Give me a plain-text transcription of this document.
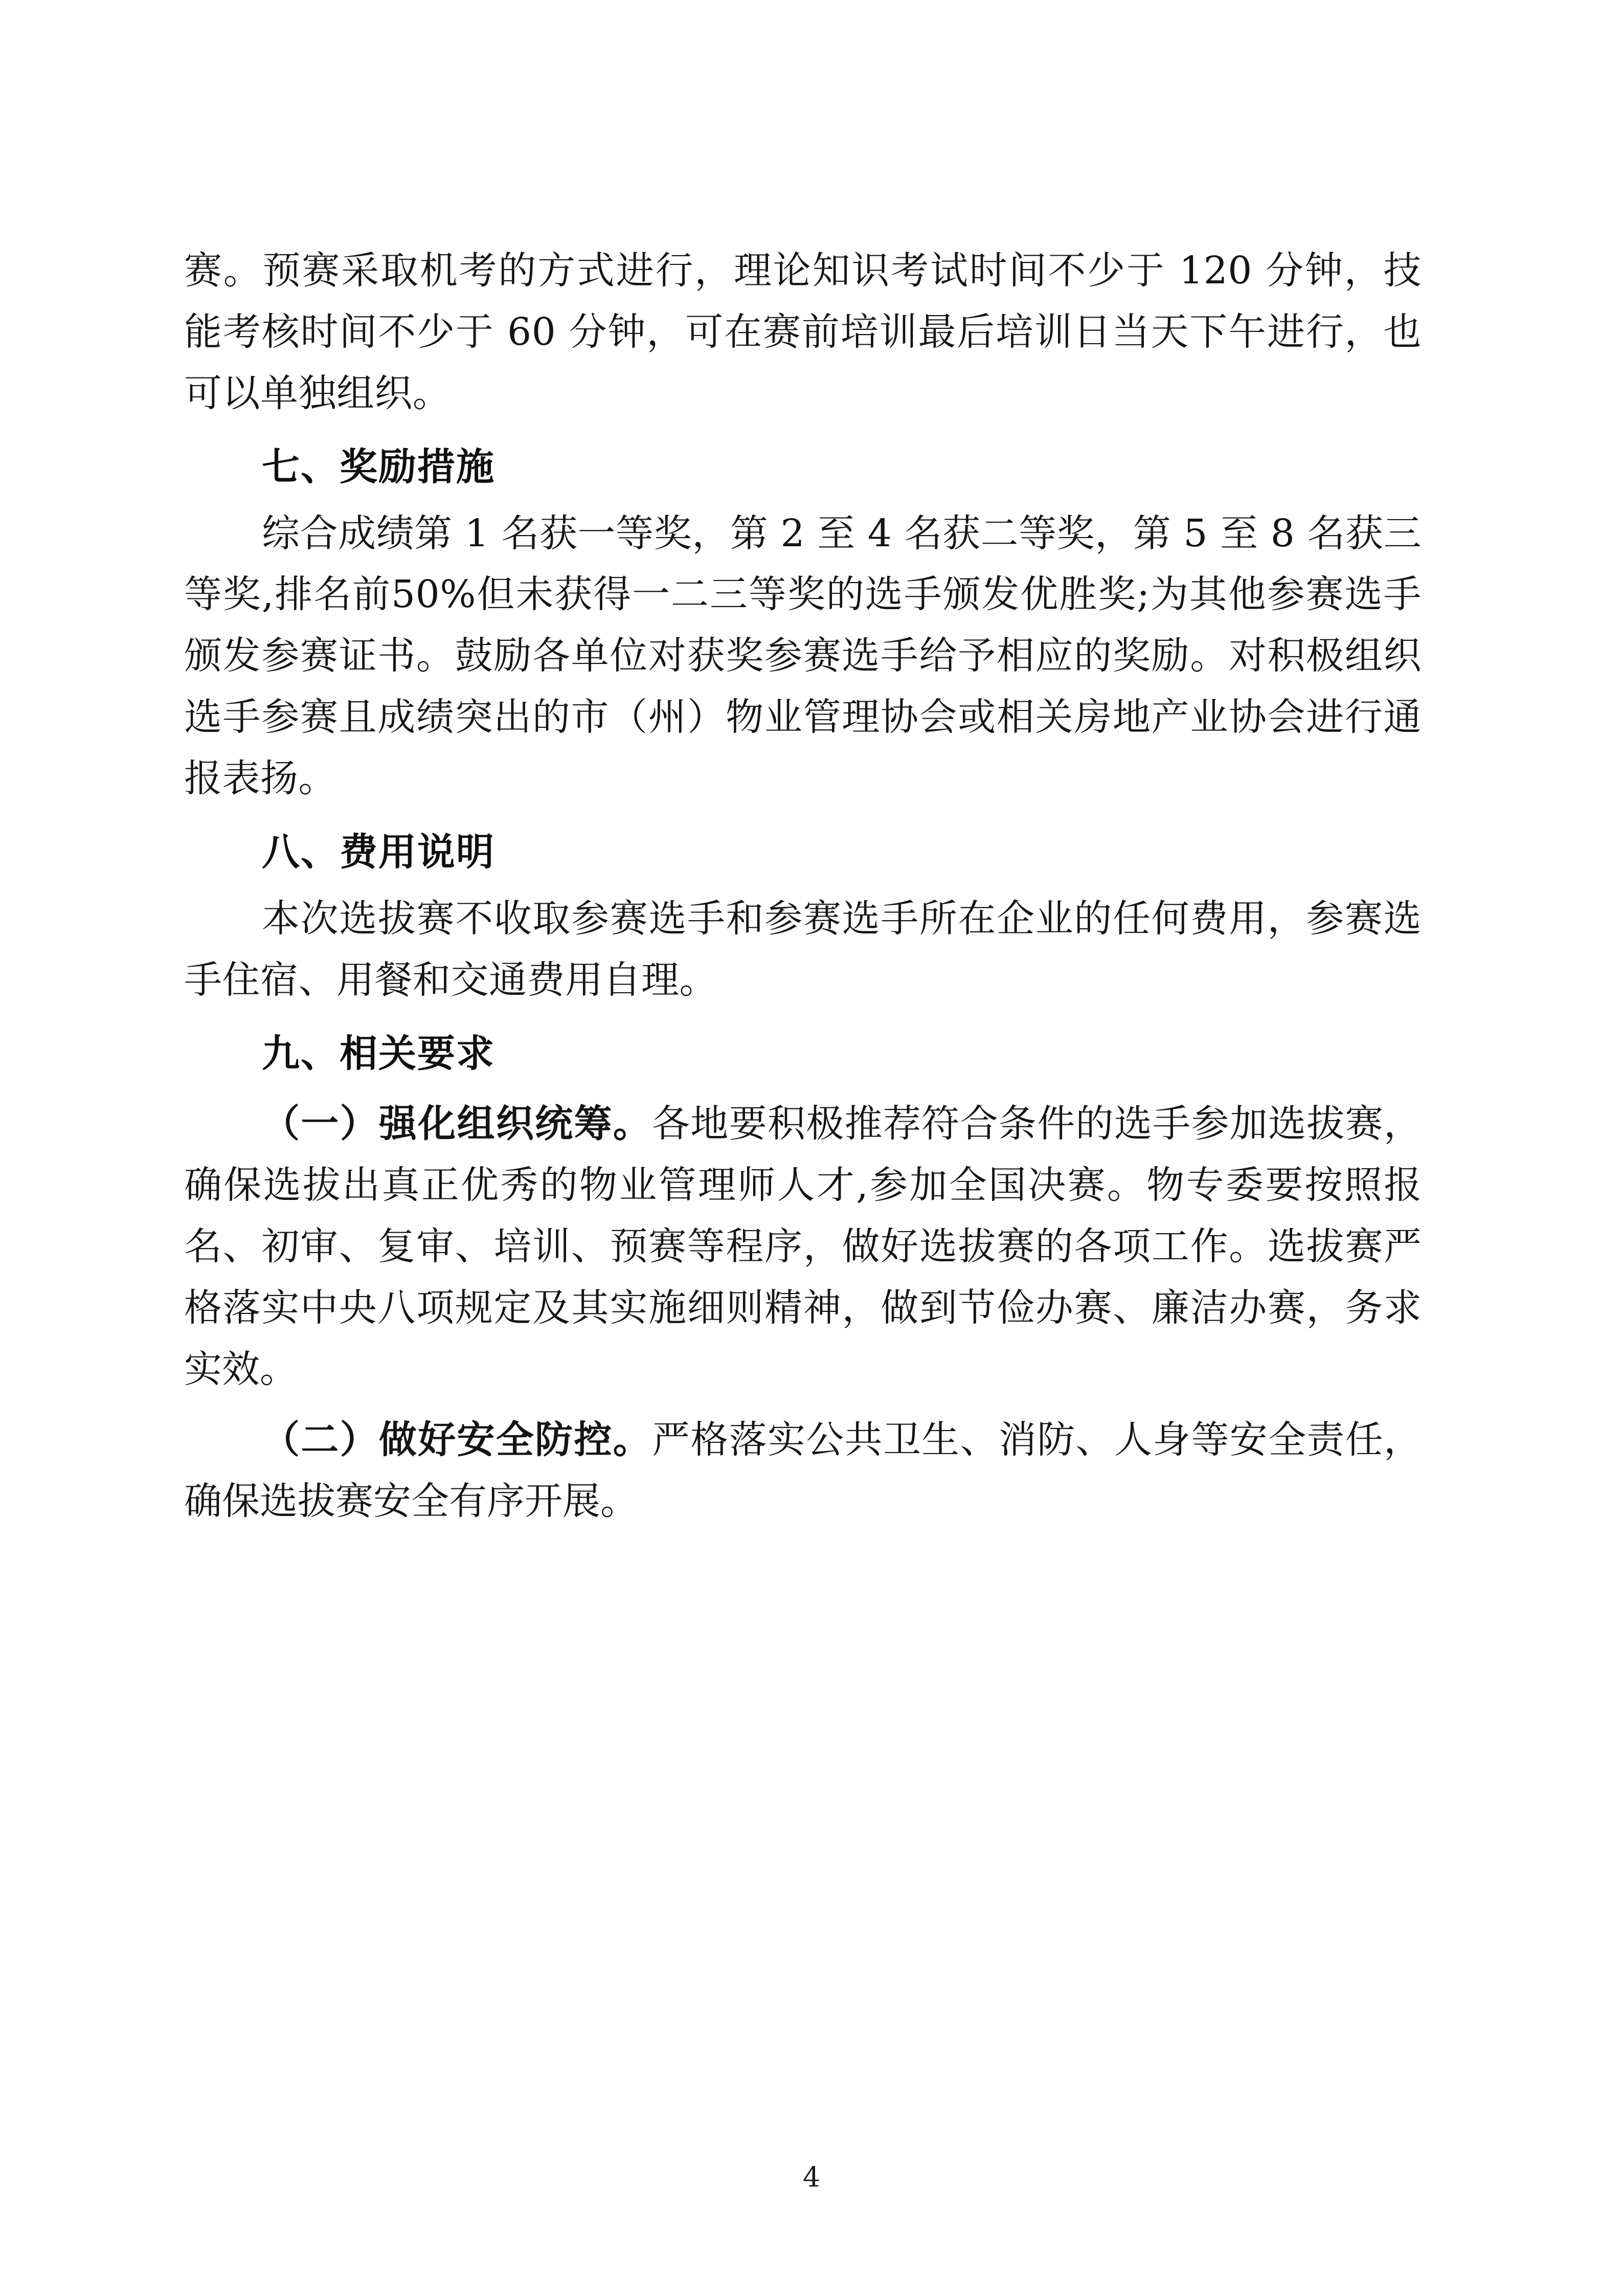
赛。预赛采取机考的方式进行，理论知识考试时间不少于 120 分钟，技能考核时间不少于 60 分钟，可在赛前培训最后培训日当天下午进行，也可以单独组织。

七、奖励措施

综合成绩第 1 名获一等奖，第 2 至 4 名获二等奖，第 5 至 8 名获三等奖,排名前50%但未获得一二三等奖的选手颁发优胜奖;为其他参赛选手颁发参赛证书。鼓励各单位对获奖参赛选手给予相应的奖励。对积极组织选手参赛且成绩突出的市（州）物业管理协会或相关房地产业协会进行通报表扬。

八、费用说明

本次选拔赛不收取参赛选手和参赛选手所在企业的任何费用，参赛选手住宿、用餐和交通费用自理。

九、相关要求

（一）强化组织统筹。各地要积极推荐符合条件的选手参加选拔赛，确保选拔出真正优秀的物业管理师人才,参加全国决赛。物专委要按照报名、初审、复审、培训、预赛等程序，做好选拔赛的各项工作。选拔赛严格落实中央八项规定及其实施细则精神，做到节俭办赛、廉洁办赛，务求实效。

（二）做好安全防控。严格落实公共卫生、消防、人身等安全责任，确保选拔赛安全有序开展。

4
